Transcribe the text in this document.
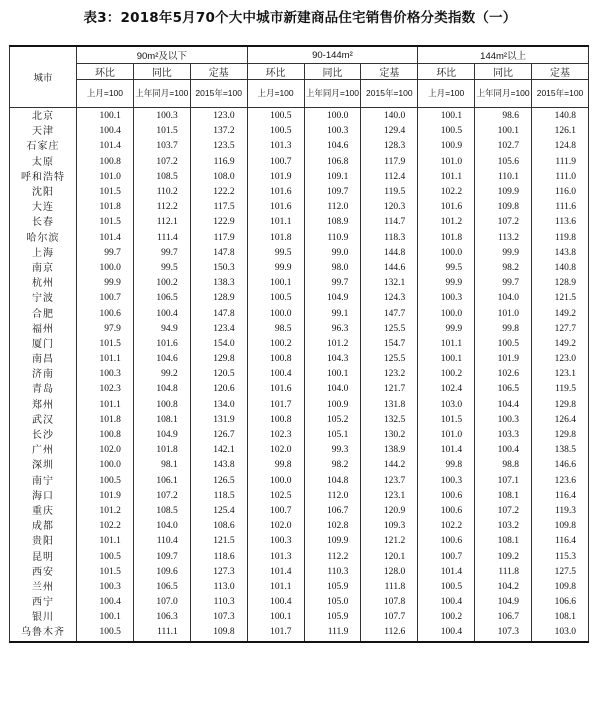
表3：2018年5月70个大中城市新建商品住宅销售价格分类指数（一）
城市	90m²及以下			90-144m²			144m²以上		
	环比	同比	定基	环比	同比	定基	环比	同比	定基
	上月=100	上年同月=100	2015年=100	上月=100	上年同月=100	2015年=100	上月=100	上年同月=100	2015年=100
北京	100.1	100.3	123.0	100.5	100.0	140.0	100.1	98.6	140.8
天津	100.4	101.5	137.2	100.5	100.3	129.4	100.5	100.1	126.1
石家庄	101.4	103.7	123.5	101.3	104.6	128.3	100.9	102.7	124.8
太原	100.8	107.2	116.9	100.7	106.8	117.9	101.0	105.6	111.9
呼和浩特	101.0	108.5	108.0	101.9	109.1	112.4	101.1	110.1	111.0
沈阳	101.5	110.2	122.2	101.6	109.7	119.5	102.2	109.9	116.0
大连	101.8	112.2	117.5	101.6	112.0	120.3	101.6	109.8	111.6
长春	101.5	112.1	122.9	101.1	108.9	114.7	101.2	107.2	113.6
哈尔滨	101.4	111.4	117.9	101.8	110.9	118.3	101.8	113.2	119.8
上海	99.7	99.7	147.8	99.5	99.0	144.8	100.0	99.9	143.8
南京	100.0	99.5	150.3	99.9	98.0	144.6	99.5	98.2	140.8
杭州	99.9	100.2	138.3	100.1	99.7	132.1	99.9	99.7	128.9
宁波	100.7	106.5	128.9	100.5	104.9	124.3	100.3	104.0	121.5
合肥	100.6	100.4	147.8	100.0	99.1	147.7	100.0	101.0	149.2
福州	97.9	94.9	123.4	98.5	96.3	125.5	99.9	99.8	127.7
厦门	101.5	101.6	154.0	100.2	101.2	154.7	101.1	100.5	149.2
南昌	101.1	104.6	129.8	100.8	104.3	125.5	100.1	101.9	123.0
济南	100.3	99.2	120.5	100.4	100.1	123.2	100.2	102.6	123.1
青岛	102.3	104.8	120.6	101.6	104.0	121.7	102.4	106.5	119.5
郑州	101.1	100.8	134.0	101.7	100.9	131.8	103.0	104.4	129.8
武汉	101.8	108.1	131.9	100.8	105.2	132.5	101.5	100.3	126.4
长沙	100.8	104.9	126.7	102.3	105.1	130.2	101.0	103.3	129.8
广州	102.0	101.8	142.1	102.0	99.3	138.9	101.4	100.4	138.5
深圳	100.0	98.1	143.8	99.8	98.2	144.2	99.8	98.8	146.6
南宁	100.5	106.1	126.5	100.0	104.8	123.7	100.3	107.1	123.6
海口	101.9	107.2	118.5	102.5	112.0	123.1	100.6	108.1	116.4
重庆	101.2	108.5	125.4	100.7	106.7	120.9	100.6	107.2	119.3
成都	102.2	104.0	108.6	102.0	102.8	109.3	102.2	103.2	109.8
贵阳	101.1	110.4	121.5	100.3	109.9	121.2	100.6	108.1	116.4
昆明	100.5	109.7	118.6	101.3	112.2	120.1	100.7	109.2	115.3
西安	101.5	109.6	127.3	101.4	110.3	128.0	101.4	111.8	127.5
兰州	100.3	106.5	113.0	101.1	105.9	111.8	100.5	104.2	109.8
西宁	100.4	107.0	110.3	100.4	105.0	107.8	100.4	104.9	106.6
银川	100.1	106.3	107.3	100.1	105.9	107.7	100.2	106.7	108.1
乌鲁木齐	100.5	111.1	109.8	101.7	111.9	112.6	100.4	107.3	103.0
